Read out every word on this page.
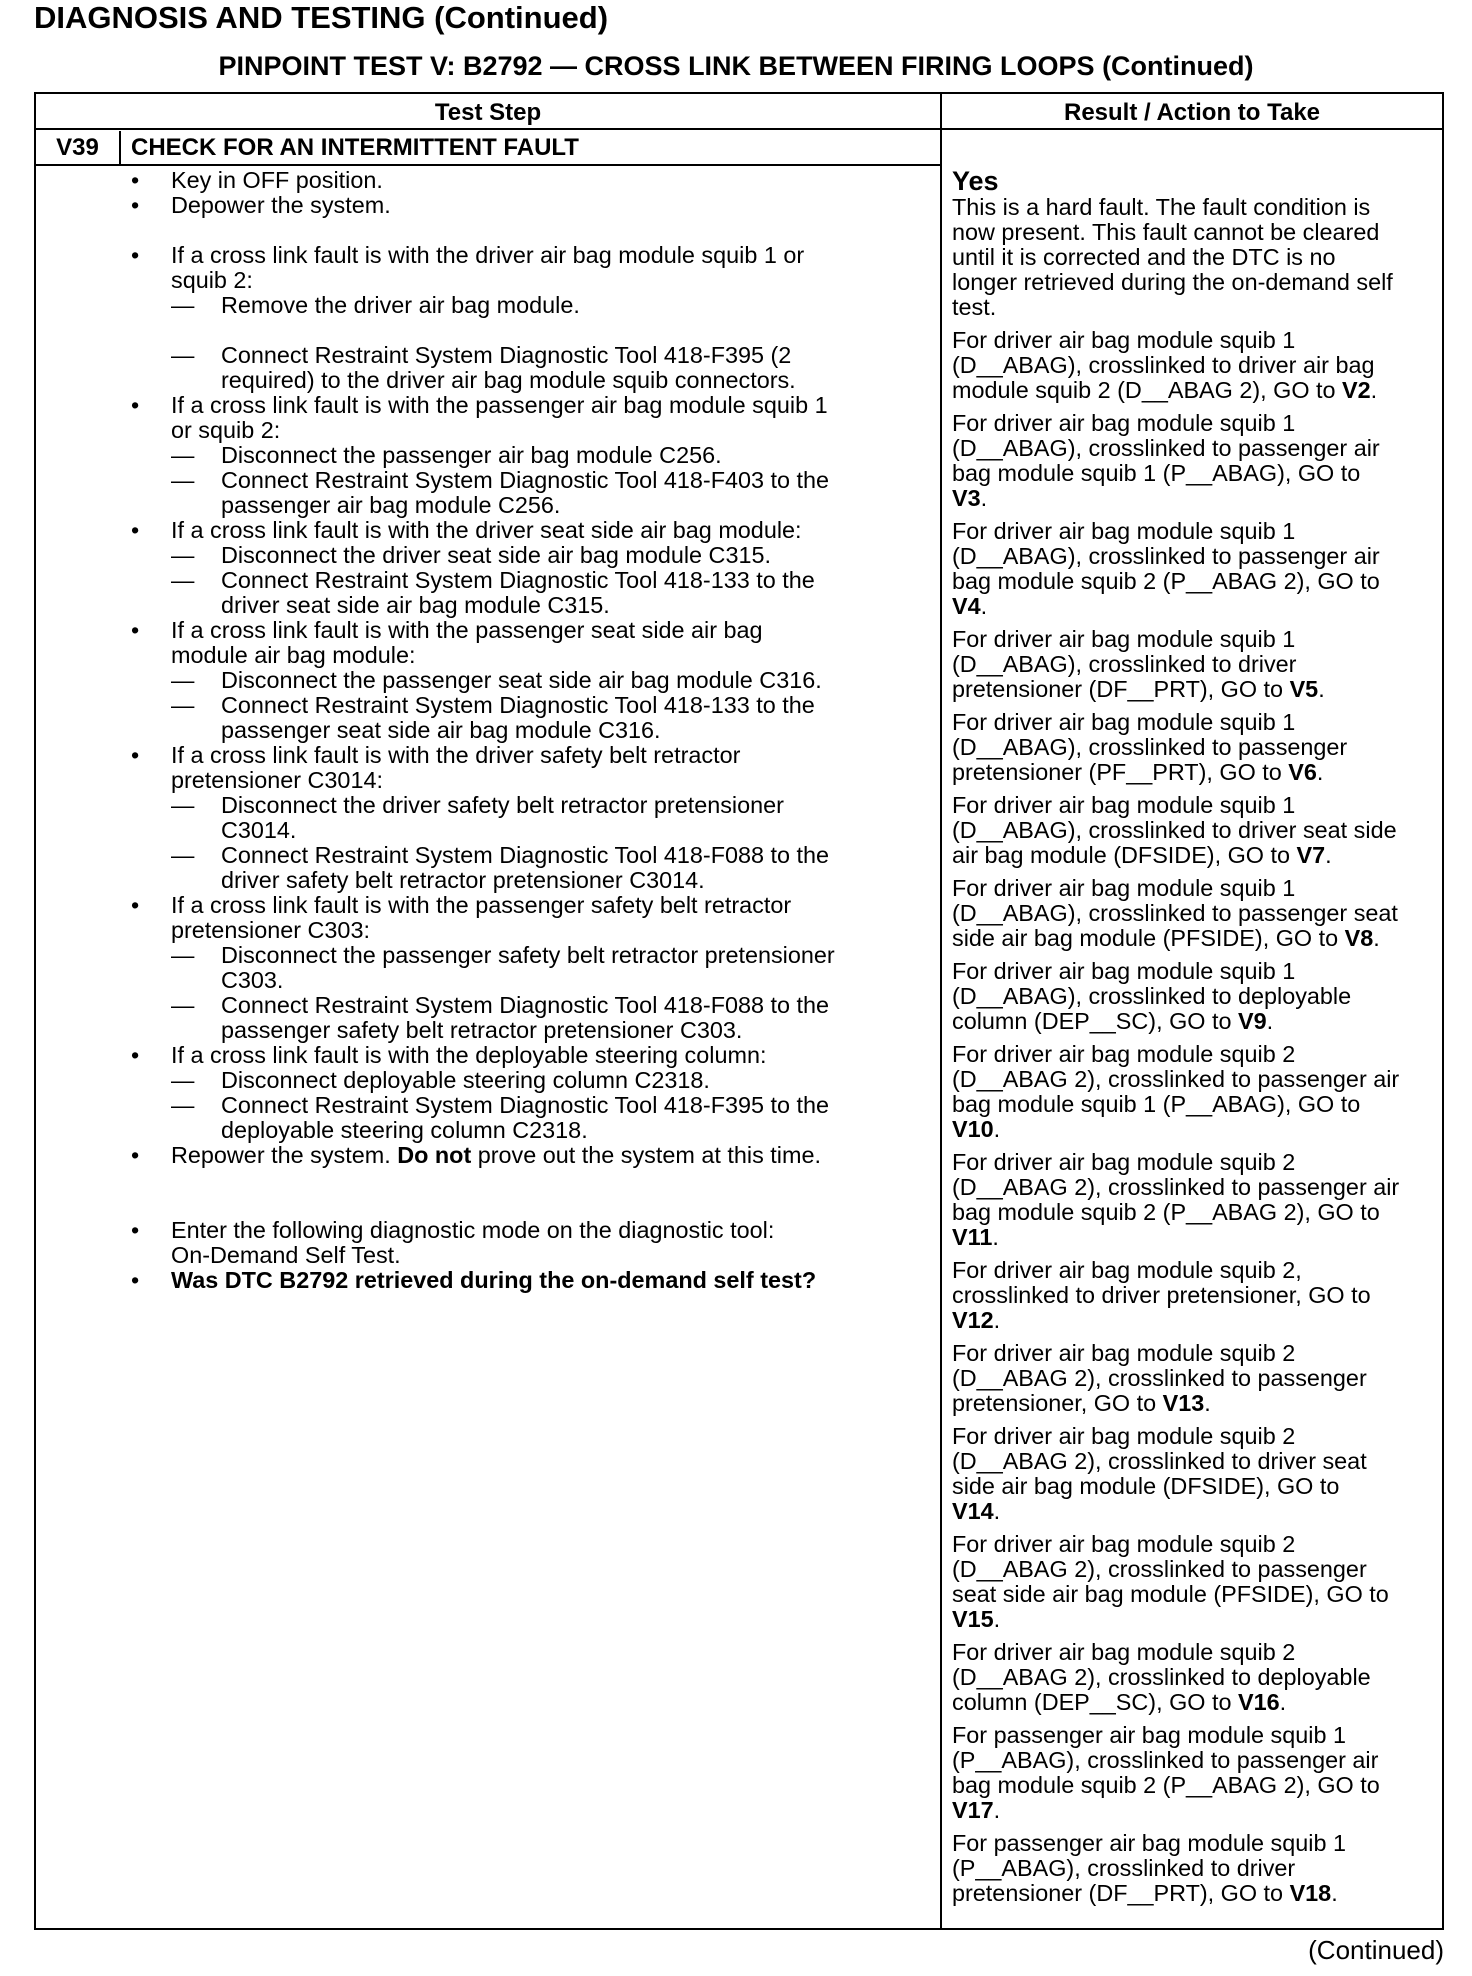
DIAGNOSIS AND TESTING (Continued)
PINPOINT TEST V: B2792 — CROSS LINK BETWEEN FIRING LOOPS (Continued)
Test Step	Result / Action to Take
V39	CHECK FOR AN INTERMITTENT FAULT
• Key in OFF position.
• Depower the system.
• If a cross link fault is with the driver air bag module squib 1 or
squib 2:
— Remove the driver air bag module.
— Connect Restraint System Diagnostic Tool 418-F395 (2
required) to the driver air bag module squib connectors.
• If a cross link fault is with the passenger air bag module squib 1
or squib 2:
— Disconnect the passenger air bag module C256.
— Connect Restraint System Diagnostic Tool 418-F403 to the
passenger air bag module C256.
• If a cross link fault is with the driver seat side air bag module:
— Disconnect the driver seat side air bag module C315.
— Connect Restraint System Diagnostic Tool 418-133 to the
driver seat side air bag module C315.
• If a cross link fault is with the passenger seat side air bag
module air bag module:
— Disconnect the passenger seat side air bag module C316.
— Connect Restraint System Diagnostic Tool 418-133 to the
passenger seat side air bag module C316.
• If a cross link fault is with the driver safety belt retractor
pretensioner C3014:
— Disconnect the driver safety belt retractor pretensioner
C3014.
— Connect Restraint System Diagnostic Tool 418-F088 to the
driver safety belt retractor pretensioner C3014.
• If a cross link fault is with the passenger safety belt retractor
pretensioner C303:
— Disconnect the passenger safety belt retractor pretensioner
C303.
— Connect Restraint System Diagnostic Tool 418-F088 to the
passenger safety belt retractor pretensioner C303.
• If a cross link fault is with the deployable steering column:
— Disconnect deployable steering column C2318.
— Connect Restraint System Diagnostic Tool 418-F395 to the
deployable steering column C2318.
• Repower the system. Do not prove out the system at this time.
• Enter the following diagnostic mode on the diagnostic tool:
On-Demand Self Test.
• Was DTC B2792 retrieved during the on-demand self test?
Yes
This is a hard fault. The fault condition is
now present. This fault cannot be cleared
until it is corrected and the DTC is no
longer retrieved during the on-demand self
test.
For driver air bag module squib 1
(D__ABAG), crosslinked to driver air bag
module squib 2 (D__ABAG 2), GO to V2.
For driver air bag module squib 1
(D__ABAG), crosslinked to passenger air
bag module squib 1 (P__ABAG), GO to
V3.
For driver air bag module squib 1
(D__ABAG), crosslinked to passenger air
bag module squib 2 (P__ABAG 2), GO to
V4.
For driver air bag module squib 1
(D__ABAG), crosslinked to driver
pretensioner (DF__PRT), GO to V5.
For driver air bag module squib 1
(D__ABAG), crosslinked to passenger
pretensioner (PF__PRT), GO to V6.
For driver air bag module squib 1
(D__ABAG), crosslinked to driver seat side
air bag module (DFSIDE), GO to V7.
For driver air bag module squib 1
(D__ABAG), crosslinked to passenger seat
side air bag module (PFSIDE), GO to V8.
For driver air bag module squib 1
(D__ABAG), crosslinked to deployable
column (DEP__SC), GO to V9.
For driver air bag module squib 2
(D__ABAG 2), crosslinked to passenger air
bag module squib 1 (P__ABAG), GO to
V10.
For driver air bag module squib 2
(D__ABAG 2), crosslinked to passenger air
bag module squib 2 (P__ABAG 2), GO to
V11.
For driver air bag module squib 2,
crosslinked to driver pretensioner, GO to
V12.
For driver air bag module squib 2
(D__ABAG 2), crosslinked to passenger
pretensioner, GO to V13.
For driver air bag module squib 2
(D__ABAG 2), crosslinked to driver seat
side air bag module (DFSIDE), GO to
V14.
For driver air bag module squib 2
(D__ABAG 2), crosslinked to passenger
seat side air bag module (PFSIDE), GO to
V15.
For driver air bag module squib 2
(D__ABAG 2), crosslinked to deployable
column (DEP__SC), GO to V16.
For passenger air bag module squib 1
(P__ABAG), crosslinked to passenger air
bag module squib 2 (P__ABAG 2), GO to
V17.
For passenger air bag module squib 1
(P__ABAG), crosslinked to driver
pretensioner (DF__PRT), GO to V18.
(Continued)
